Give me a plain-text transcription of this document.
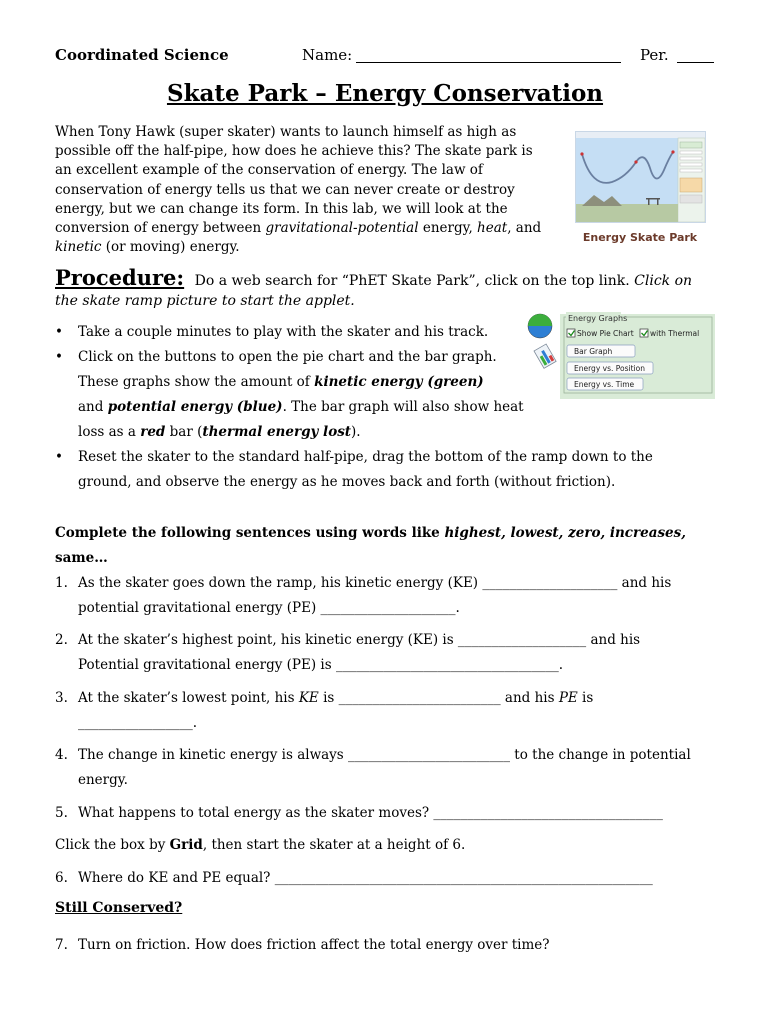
Coordinated Science	Name:	Per.
Skate Park – Energy Conservation
When Tony Hawk (super skater) wants to launch himself as high as
possible off the half-pipe, how does he achieve this? The skate park is
an excellent example of the conservation of energy. The law of
conservation of energy tells us that we can never create or destroy
energy, but we can change its form. In this lab, we will look at the
conversion of energy between gravitational-potential energy, heat, and
kinetic (or moving) energy.
Energy Skate Park
Procedure: Do a web search for “PhET Skate Park”, click on the top link. Click on the skate ramp picture to start the applet.
Energy Graphs
Show Pie Chart with Thermal
Bar Graph
Energy vs. Position
Energy vs. Time
• Take a couple minutes to play with the skater and his track.
• Click on the buttons to open the pie chart and the bar graph.
These graphs show the amount of kinetic energy (green)
and potential energy (blue). The bar graph will also show heat
loss as a red bar (thermal energy lost).
• Reset the skater to the standard half-pipe, drag the bottom of the ramp down to the
ground, and observe the energy as he moves back and forth (without friction).
Complete the following sentences using words like highest, lowest, zero, increases,
same…
1. As the skater goes down the ramp, his kinetic energy (KE) ____________________ and his
potential gravitational energy (PE) ____________________.
2. At the skater’s highest point, his kinetic energy (KE) is ___________________ and his
Potential gravitational energy (PE) is _________________________________.
3. At the skater’s lowest point, his KE is ________________________ and his PE is
_________________.
4. The change in kinetic energy is always ________________________ to the change in potential
energy.
5. What happens to total energy as the skater moves? __________________________________
Click the box by Grid, then start the skater at a height of 6.
6. Where do KE and PE equal? ________________________________________________________
Still Conserved?
7. Turn on friction. How does friction affect the total energy over time?
